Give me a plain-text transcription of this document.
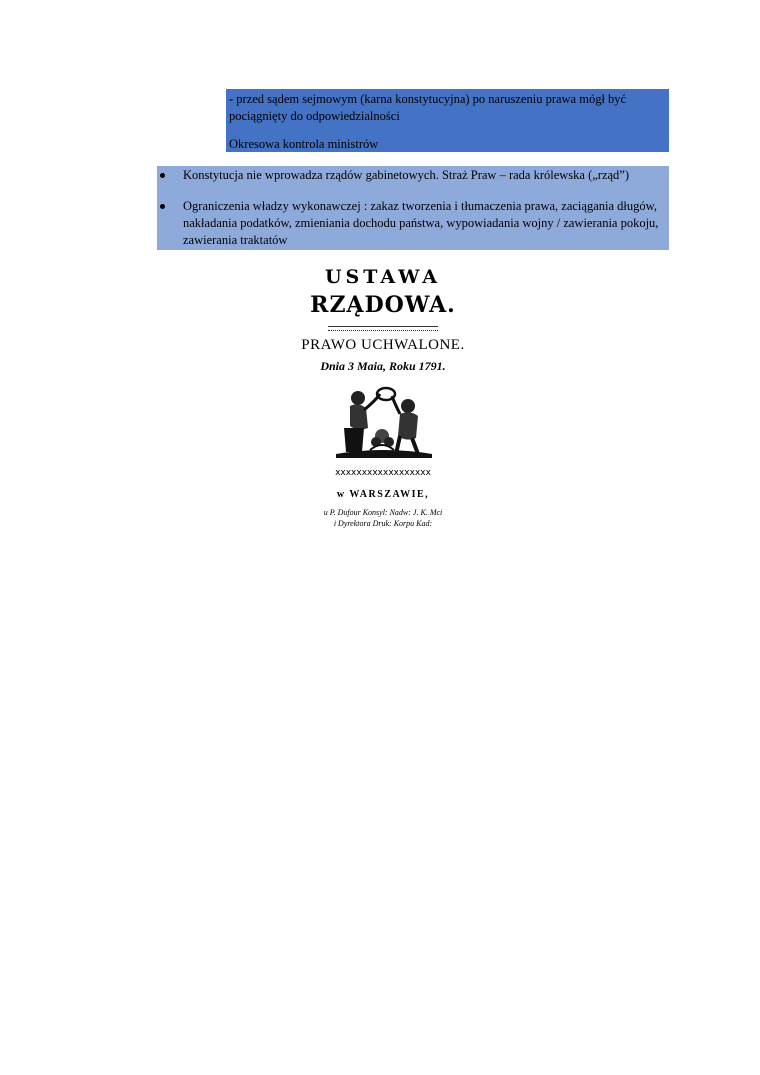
- przed sądem sejmowym (karna konstytucyjna) po naruszeniu prawa mógł być pociągnięty do odpowiedzialności

Okresowa kontrola ministrów

Konstytucja nie wprowadza rządów gabinetowych. Straż Praw – rada królewska („rząd”)
Ograniczenia władzy wykonawczej : zakaz tworzenia i tłumaczenia prawa, zaciągania długów, nakładania podatków, zmieniania dochodu państwa, wypowiadania wojny / zawierania pokoju, zawierania traktatów
USTAWA
RZĄDOWA.
PRAWO UCHWALONE.
Dnia 3 Maia, Roku 1791.
xxxxxxxxxxxxxxxxxx
w WARSZAWIE,
u P. Dufour Konsyl: Nadw: J. K. Mci
i Dyrektora Druk: Korpu Kad:
